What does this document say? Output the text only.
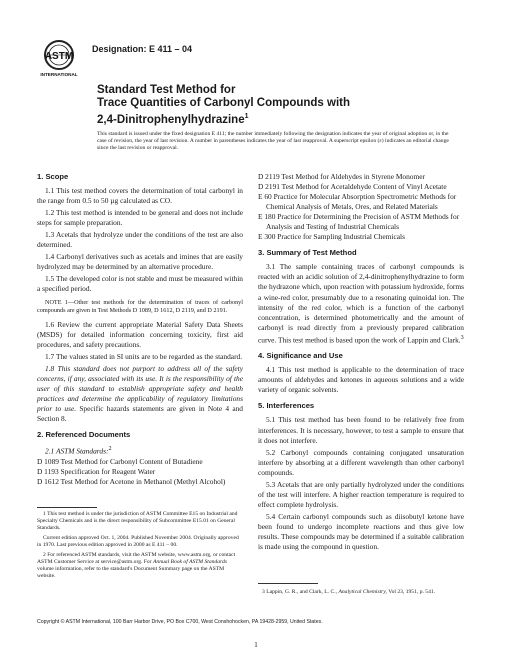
ASTM
INTERNATIONAL
Designation: E 411 – 04
Standard Test Method for
Trace Quantities of Carbonyl Compounds with
2,4-Dinitrophenylhydrazine$^1$
This standard is issued under the fixed designation E 411; the number immediately following the designation indicates the year of original adoption or, in the case of revision, the year of last revision. A number in parentheses indicates the year of last reapproval. A superscript epsilon (ε) indicates an editorial change since the last revision or reapproval.
1. Scope

1.1 This test method covers the determination of total carbonyl in the range from 0.5 to 50 µg calculated as CO.

1.2 This test method is intended to be general and does not include steps for sample preparation.

1.3 Acetals that hydrolyze under the conditions of the test are also determined.

1.4 Carbonyl derivatives such as acetals and imines that are easily hydrolyzed may be determined by an alternative procedure.

1.5 The developed color is not stable and must be measured within a specified period.

NOTE 1—Other test methods for the determination of traces of carbonyl compounds are given in Test Methods D 1089, D 1612, D 2119, and D 2191.

1.6 Review the current appropriate Material Safety Data Sheets (MSDS) for detailed information concerning toxicity, first aid procedures, and safety precautions.

1.7 The values stated in SI units are to be regarded as the standard.

1.8 This standard does not purport to address all of the safety concerns, if any, associated with its use. It is the responsibility of the user of this standard to establish appropriate safety and health practices and determine the applicability of regulatory limitations prior to use. Specific hazards statements are given in Note 4 and Section 8.

2. Referenced Documents

2.1 ASTM Standards:$^2$

D 1089 Test Method for Carbonyl Content of Butadiene

D 1193 Specification for Reagent Water

D 1612 Test Method for Acetone in Methanol (Methyl Alcohol)

D 2119 Test Method for Aldehydes in Styrene Monomer

D 2191 Test Method for Acetaldehyde Content of Vinyl Acetate

E 60 Practice for Molecular Absorption Spectrometric Methods for Chemical Analysis of Metals, Ores, and Related Materials

E 180 Practice for Determining the Precision of ASTM Methods for Analysis and Testing of Industrial Chemicals

E 300 Practice for Sampling Industrial Chemicals

3. Summary of Test Method

3.1 The sample containing traces of carbonyl compounds is reacted with an acidic solution of 2,4-dinitrophenylhydrazine to form the hydrazone which, upon reaction with potassium hydroxide, forms a wine-red color, presumably due to a resonating quinoidal ion. The intensity of the red color, which is a function of the carbonyl concentration, is determined photometrically and the amount of carbonyl is read directly from a previously prepared calibration curve. This test method is based upon the work of Lappin and Clark.$^3$

4. Significance and Use

4.1 This test method is applicable to the determination of trace amounts of aldehydes and ketones in aqueous solutions and a wide variety of organic solvents.

5. Interferences

5.1 This test method has been found to be relatively free from interferences. It is necessary, however, to test a sample to ensure that it does not interfere.

5.2 Carbonyl compounds containing conjugated unsaturation interfere by absorbing at a different wavelength than other carbonyl compounds.

5.3 Acetals that are only partially hydrolyzed under the conditions of the test will interfere. A higher reaction temperature is required to effect complete hydrolysis.

5.4 Certain carbonyl compounds such as diisobutyl ketone have been found to undergo incomplete reactions and thus give low results. These compounds may be determined if a suitable calibration is made using the compound in question.

1 This test method is under the jurisdiction of ASTM Committee E15 on Industrial and Specialty Chemicals and is the direct responsibility of Subcommittee E15.01 on General Standards.

Current edition approved Oct. 1, 2004. Published November 2004. Originally approved in 1970. Last previous edition approved in 2000 as E 411 – 00.

2 For referenced ASTM standards, visit the ASTM website, www.astm.org, or contact ASTM Customer Service at service@astm.org. For Annual Book of ASTM Standards volume information, refer to the standard's Document Summary page on the ASTM website.

3 Lappin, G. R., and Clark, L. C., Analytical Chemistry, Vol 23, 1951, p. 541.
Copyright © ASTM International, 100 Barr Harbor Drive, PO Box C700, West Conshohocken, PA 19428-2959, United States.
1
